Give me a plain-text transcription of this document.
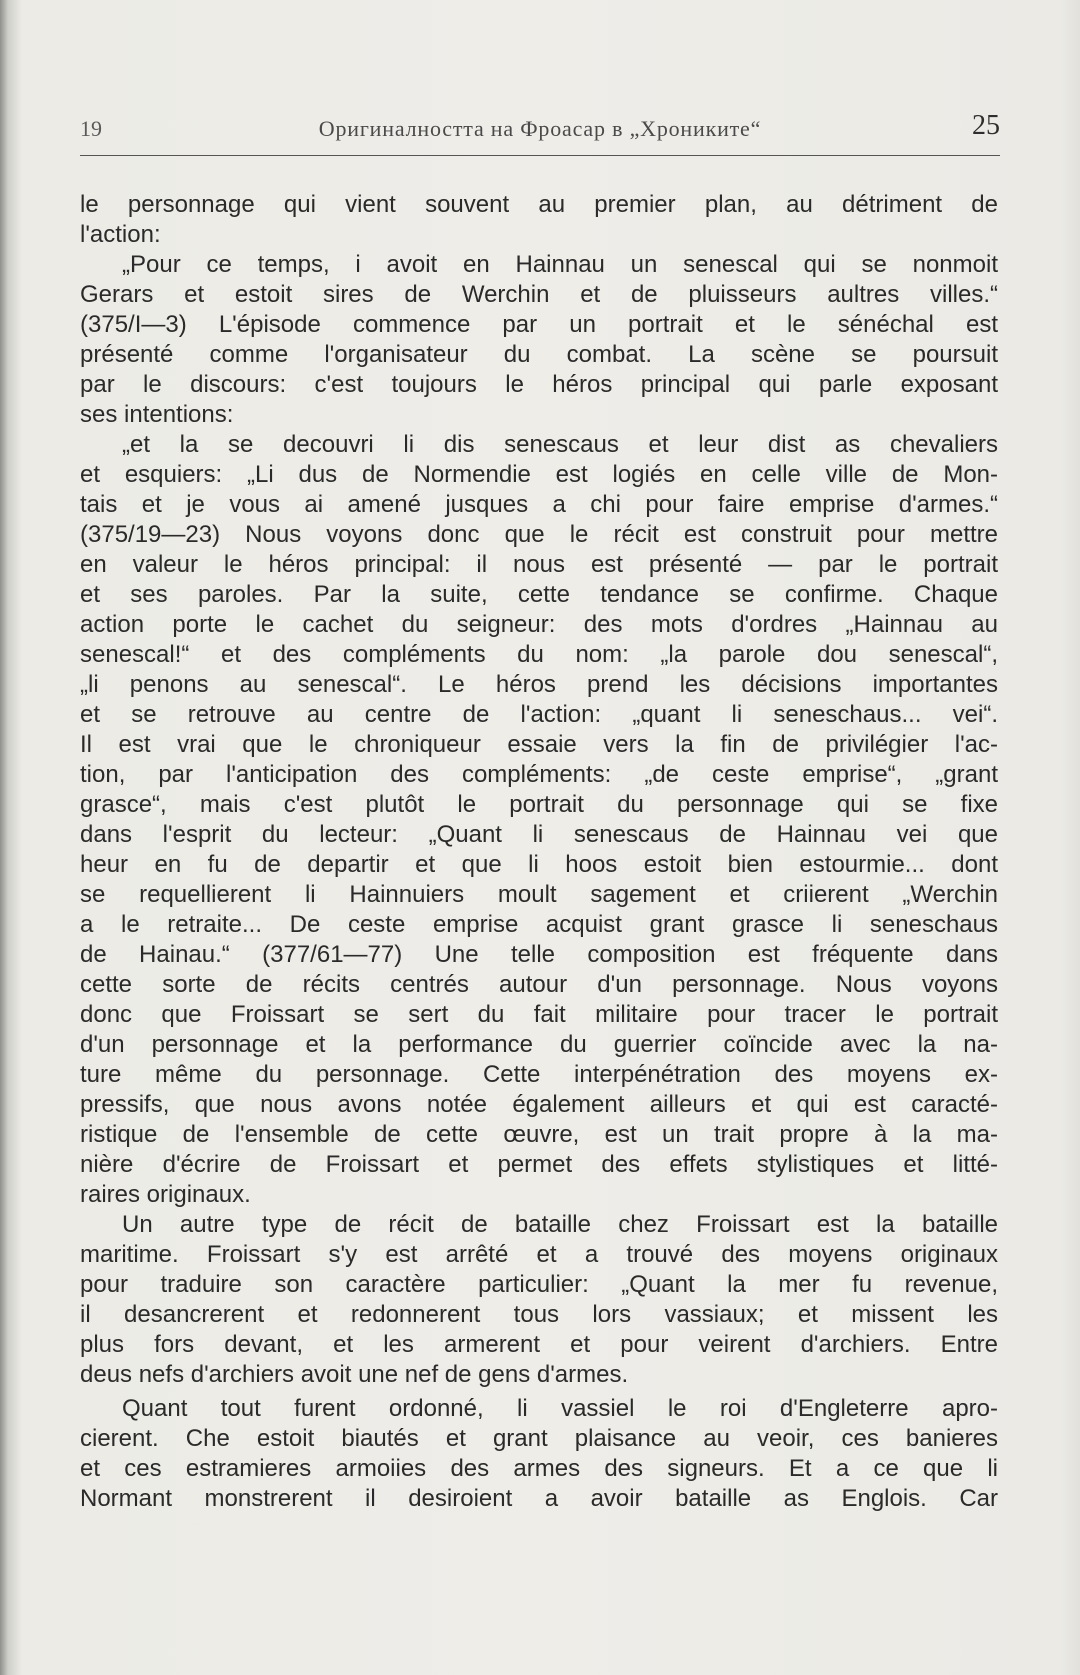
19	Оригиналността на Фроасар в „Хрониките“	25
le personnage qui vient souvent au premier plan, au détriment de
l'action:
„Pour ce temps, i avoit en Hainnau un senescal qui se nonmoit
Gerars et estoit sires de Werchin et de pluisseurs aultres villes.“
(375/I—3) L'épisode commence par un portrait et le sénéchal est
présenté comme l'organisateur du combat. La scène se poursuit
par le discours: c'est toujours le héros principal qui parle exposant
ses intentions:
„et la se decouvri li dis senescaus et leur dist as chevaliers
et esquiers: „Li dus de Normendie est logiés en celle ville de Mon-
tais et je vous ai amené jusques a chi pour faire emprise d'armes.“
(375/19—23) Nous voyons donc que le récit est construit pour mettre
en valeur le héros principal: il nous est présenté — par le portrait
et ses paroles. Par la suite, cette tendance se confirme. Chaque
action porte le cachet du seigneur: des mots d'ordres „Hainnau au
senescal!“ et des compléments du nom: „la parole dou senescal“,
„li penons au senescal“. Le héros prend les décisions importantes
et se retrouve au centre de l'action: „quant li seneschaus... vei“.
Il est vrai que le chroniqueur essaie vers la fin de privilégier l'ac-
tion, par l'anticipation des compléments: „de ceste emprise“, „grant
grasce“, mais c'est plutôt le portrait du personnage qui se fixe
dans l'esprit du lecteur: „Quant li senescaus de Hainnau vei que
heur en fu de departir et que li hoos estoit bien estourmie... dont
se requellierent li Hainnuiers moult sagement et criierent „Werchin
a le retraite... De ceste emprise acquist grant grasce li seneschaus
de Hainau.“ (377/61—77) Une telle composition est fréquente dans
cette sorte de récits centrés autour d'un personnage. Nous voyons
donc que Froissart se sert du fait militaire pour tracer le portrait
d'un personnage et la performance du guerrier coïncide avec la na-
ture même du personnage. Cette interpénétration des moyens ex-
pressifs, que nous avons notée également ailleurs et qui est caracté-
ristique de l'ensemble de cette œuvre, est un trait propre à la ma-
nière d'écrire de Froissart et permet des effets stylistiques et litté-
raires originaux.
Un autre type de récit de bataille chez Froissart est la bataille
maritime. Froissart s'y est arrêté et a trouvé des moyens originaux
pour traduire son caractère particulier: „Quant la mer fu revenue,
il desancrerent et redonnerent tous lors vassiaux; et missent les
plus fors devant, et les armerent et pour veirent d'archiers. Entre
deus nefs d'archiers avoit une nef de gens d'armes.
Quant tout furent ordonné, li vassiel le roi d'Engleterre apro-
cierent. Che estoit biautés et grant plaisance au veoir, ces banieres
et ces estramieres armoiies des armes des signeurs. Et a ce que li
Normant monstrerent il desiroient a avoir bataille as Englois. Car
